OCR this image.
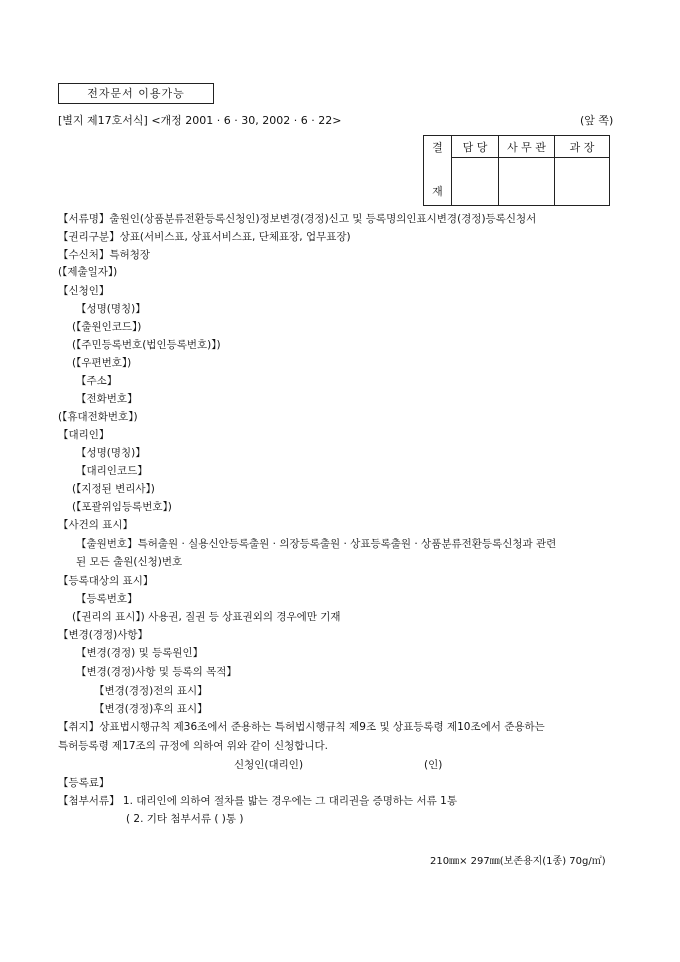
전자문서 이용가능
[별지 제17호서식] <개정 2001 · 6 · 30, 2002 · 6 · 22>	(앞 쪽)
결	담 당	사 무 관	과 장
재			
【서류명】출원인(상품분류전환등록신청인)정보변경(경정)신고 및 등록명의인표시변경(경정)등록신청서
【권리구분】상표(서비스표, 상표서비스표, 단체표장, 업무표장)
【수신처】특허청장
(【제출일자】)
【신청인】
【성명(명칭)】
(【출원인코드】)
(【주민등록번호(법인등록번호)】)
(【우편번호】)
【주소】
【전화번호】
(【휴대전화번호】)
【대리인】
【성명(명칭)】
【대리인코드】
(【지정된 변리사】)
(【포괄위임등록번호】)
【사건의 표시】
【출원번호】특허출원 · 실용신안등록출원 · 의장등록출원 · 상표등록출원 · 상품분류전환등록신청과 관련
된 모든 출원(신청)번호
【등록대상의 표시】
【등록번호】
(【권리의 표시】) 사용권, 질권 등 상표권외의 경우에만 기재
【변경(경정)사항】
【변경(경정) 및 등록원인】
【변경(경정)사항 및 등록의 목적】
【변경(경정)전의 표시】
【변경(경정)후의 표시】
【취지】상표법시행규칙 제36조에서 준용하는 특허법시행규칙 제9조 및 상표등록령 제10조에서 준용하는
특허등록령 제17조의 규정에 의하여 위와 같이 신청합니다.
신청인(대리인)	(인)
【등록료】
【첨부서류】 1. 대리인에 의하여 절차를 밟는 경우에는 그 대리권을 증명하는 서류 1통
( 2. 기타 첨부서류 ( )통 )
210㎜× 297㎜(보존용지(1종) 70g/㎡)
